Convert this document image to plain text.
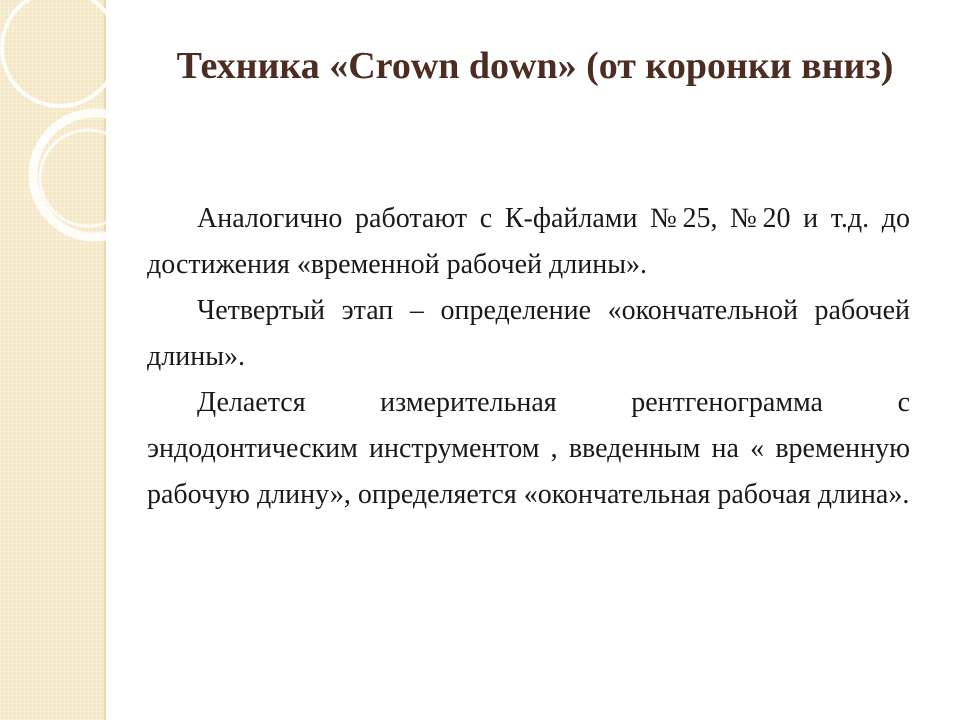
Техника «Crown down» (от коронки вниз)

Аналогично работают с К-файлами №25, №20 и т.д. до достижения «временной рабочей длины».

Четвертый этап – определение «окончательной рабочей длины».

Делается измерительная рентгенограмма с эндодонтическим инструментом , введенным на « временную рабочую длину», определяется «окончательная рабочая длина».
